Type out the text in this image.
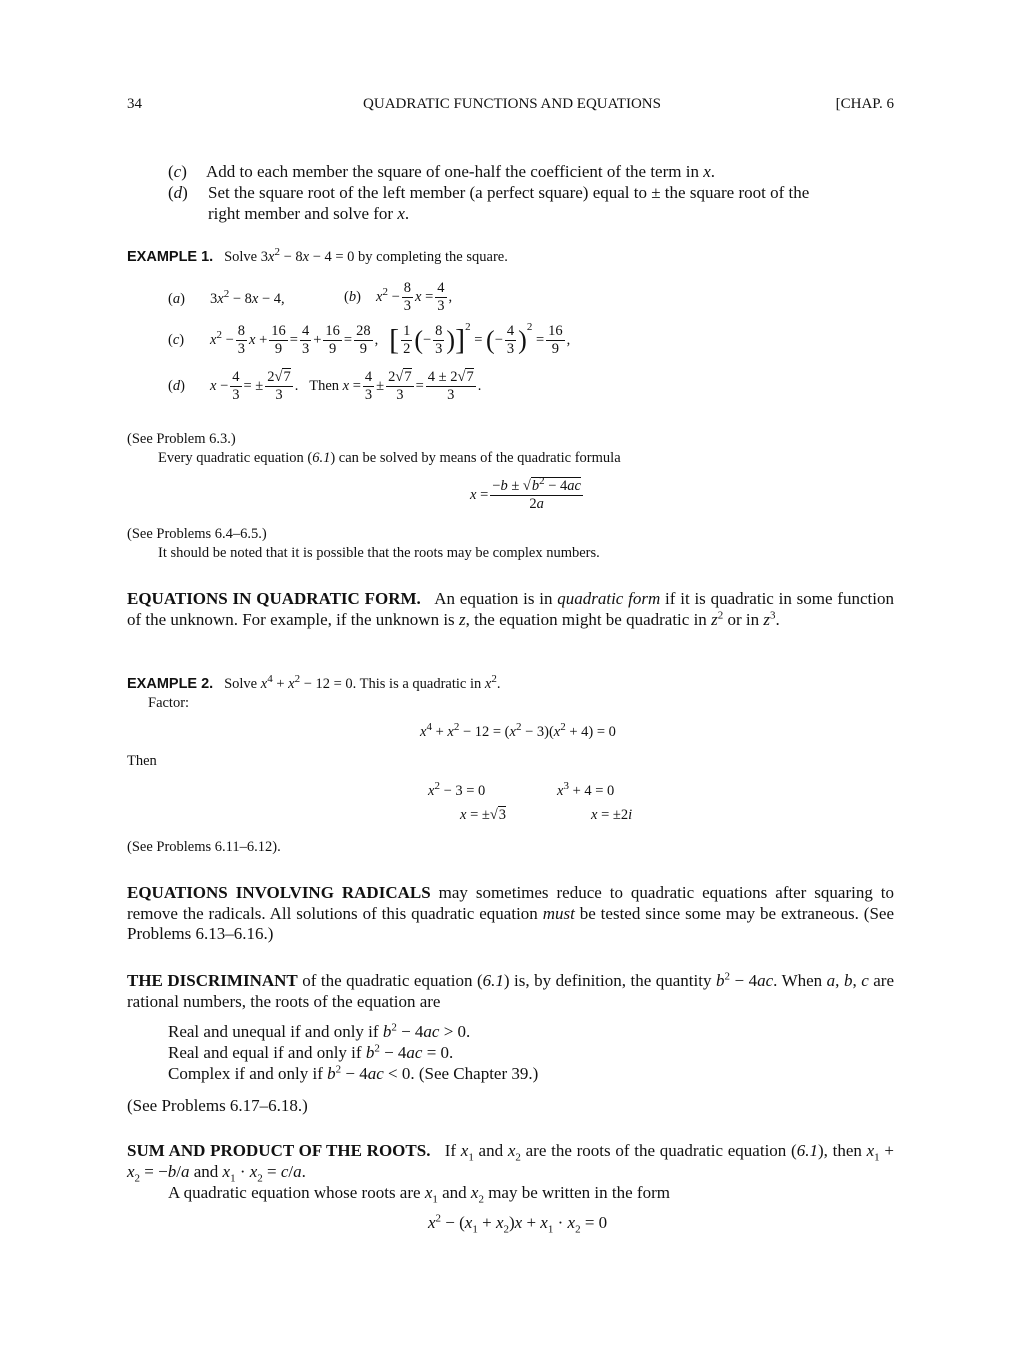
34	QUADRATIC FUNCTIONS AND EQUATIONS	[CHAP. 6
(c) Add to each member the square of one-half the coefficient of the term in x.
(d) Set the square root of the left member (a perfect square) equal to ± the square root of the
right member and solve for x.
EXAMPLE 1.   Solve $3x^2 - 8x - 4 = 0$ by completing the square.
(a) $3x^2 - 8x - 4$,	(b) $x^2 - \frac{8}{3}$ $x = \frac{4}{3}$ ,
(c) $x^2 - \frac{8}{3}$ $x + \frac{16}{9} = \frac{4}{3} + \frac{16}{9} = \frac{28}{9}$ ,   [ $\frac{1}{2}$ (− $\frac{8}{3} )]^2$ = (− $\frac{4}{3} )^2 = \frac{16}{9}$ ,
(d) $x - \frac{4}{3}$ = ± $\frac{2√7}{3}$ .   Then $x = \frac{4}{3} \pm \frac{2√7}{3} = \frac{4 \pm 2√7}{3}$ .
(See Problem 6.3.)
Every quadratic equation (6.1) can be solved by means of the quadratic formula
$x = \frac{-b \pm √b^2 - 4ac}{2a}$
(See Problems 6.4–6.5.)
It should be noted that it is possible that the roots may be complex numbers.
EQUATIONS IN QUADRATIC FORM.   An equation is in quadratic form if it is quadratic in some function of the unknown. For example, if the unknown is z, the equation might be quadratic in $z^2$ or in $z^3$.
EXAMPLE 2.   Solve $x^4 + x^2 - 12 = 0$. This is a quadratic in $x^2$.
Factor:
$x^4 + x^2 - 12 = (x^2 - 3)(x^2 + 4) = 0$
Then
$x^2 - 3 = 0$	$x^3 + 4 = 0$
x = ±√3	x = ±2i
(See Problems 6.11–6.12).
EQUATIONS INVOLVING RADICALS may sometimes reduce to quadratic equations after squaring to remove the radicals. All solutions of this quadratic equation must be tested since some may be extraneous. (See Problems 6.13–6.16.)
THE DISCRIMINANT of the quadratic equation (6.1) is, by definition, the quantity $b^2 - 4ac$. When a, b, c are rational numbers, the roots of the equation are
Real and unequal if and only if $b^2 - 4ac > 0$.
Real and equal if and only if $b^2 - 4ac = 0$.
Complex if and only if $b^2 - 4ac < 0$. (See Chapter 39.)
(See Problems 6.17–6.18.)
SUM AND PRODUCT OF THE ROOTS.   If $x_1$ and $x_2$ are the roots of the quadratic equation (6.1), then $x_1 + x_2 = -b/a$ and $x_1 \cdot x_2 = c/a$.
A quadratic equation whose roots are $x_1$ and $x_2$ may be written in the form
$x^2 - (x_1 + x_2)x + x_1 \cdot x_2 = 0$
